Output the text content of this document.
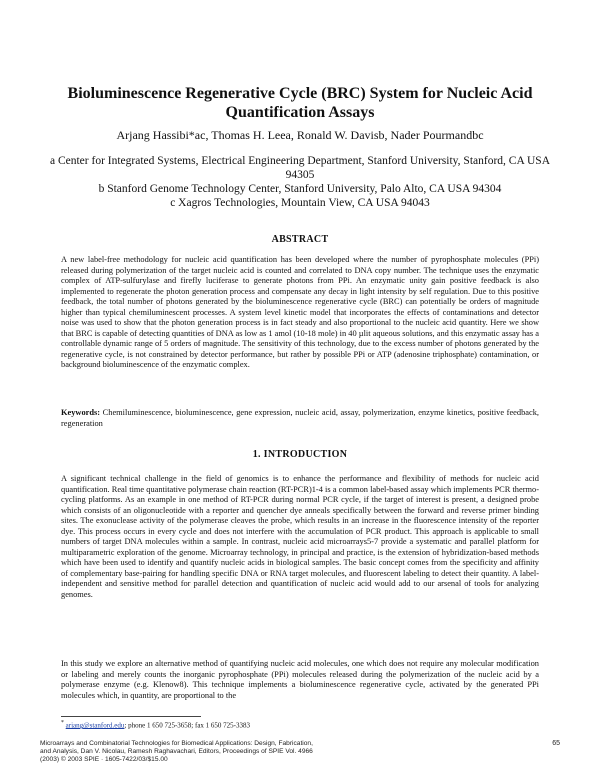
Bioluminescence Regenerative Cycle (BRC) System for Nucleic Acid Quantification Assays
Arjang Hassibi*ac, Thomas H. Leea, Ronald W. Davisb, Nader Pourmandbc
a Center for Integrated Systems, Electrical Engineering Department, Stanford University, Stanford, CA USA 94305
b Stanford Genome Technology Center, Stanford University, Palo Alto, CA USA 94304
c Xagros Technologies, Mountain View, CA USA 94043
ABSTRACT

A new label-free methodology for nucleic acid quantification has been developed where the number of pyrophosphate molecules (PPi) released during polymerization of the target nucleic acid is counted and correlated to DNA copy number. The technique uses the enzymatic complex of ATP-sulfurylase and firefly luciferase to generate photons from PPi. An enzymatic unity gain positive feedback is also implemented to regenerate the photon generation process and compensate any decay in light intensity by self regulation. Due to this positive feedback, the total number of photons generated by the bioluminescence regenerative cycle (BRC) can potentially be orders of magnitude higher than typical chemiluminescent processes. A system level kinetic model that incorporates the effects of contaminations and detector noise was used to show that the photon generation process is in fact steady and also proportional to the nucleic acid quantity. Here we show that BRC is capable of detecting quantities of DNA as low as 1 amol (10-18 mole) in 40 µlit aqueous solutions, and this enzymatic assay has a controllable dynamic range of 5 orders of magnitude. The sensitivity of this technology, due to the excess number of photons generated by the regenerative cycle, is not constrained by detector performance, but rather by possible PPi or ATP (adenosine triphosphate) contamination, or background bioluminescence of the enzymatic complex.

Keywords: Chemiluminescence, bioluminescence, gene expression, nucleic acid, assay, polymerization, enzyme kinetics, positive feedback, regeneration
1. INTRODUCTION

A significant technical challenge in the field of genomics is to enhance the performance and flexibility of methods for nucleic acid quantification. Real time quantitative polymerase chain reaction (RT-PCR)1-4 is a common label-based assay which implements PCR thermo-cycling platforms. As an example in one method of RT-PCR during normal PCR cycle, if the target of interest is present, a designed probe which consists of an oligonucleotide with a reporter and quencher dye anneals specifically between the forward and reverse primer binding sites. The exonuclease activity of the polymerase cleaves the probe, which results in an increase in the fluorescence intensity of the reporter dye. This process occurs in every cycle and does not interfere with the accumulation of PCR product. This approach is applicable to small numbers of target DNA molecules within a sample. In contrast, nucleic acid microarrays5-7 provide a systematic and parallel platform for multiparametric exploration of the genome. Microarray technology, in principal and practice, is the extension of hybridization-based methods which have been used to identify and quantify nucleic acids in biological samples. The basic concept comes from the specificity and affinity of complementary base-pairing for handling specific DNA or RNA target molecules, and fluorescent labeling to detect their quantity. A label-independent and sensitive method for parallel detection and quantification of nucleic acid would add to our arsenal of tools for analyzing genomes.

In this study we explore an alternative method of quantifying nucleic acid molecules, one which does not require any molecular modification or labeling and merely counts the inorganic pyrophosphate (PPi) molecules released during the polymerization of the nucleic acid by a polymerase enzyme (e.g. Klenow8). This technique implements a bioluminescence regenerative cycle, activated by the generated PPi molecules which, in quantity, are proportional to the

* arjang@stanford.edu; phone 1 650 725-3658; fax 1 650 725-3383
Microarrays and Combinatorial Technologies for Biomedical Applications: Design, Fabrication,
and Analysis, Dan V. Nicolau, Ramesh Raghavachari, Editors, Proceedings of SPIE Vol. 4966
(2003) © 2003 SPIE · 1605-7422/03/$15.00
65
